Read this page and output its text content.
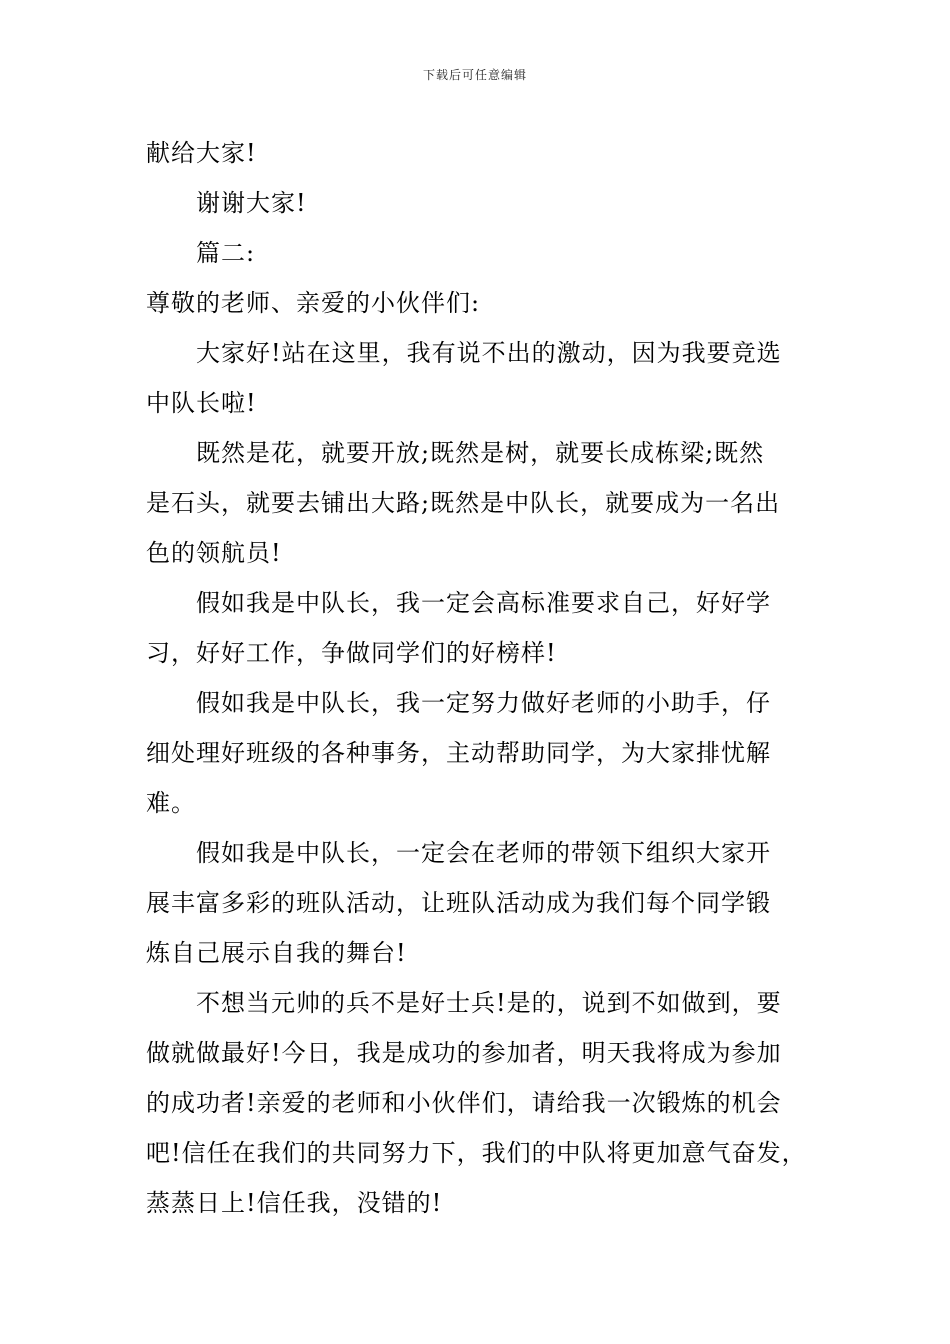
下载后可任意编辑

献给大家!

谢谢大家!

篇二:

尊敬的老师、亲爱的小伙伴们:

大家好!站在这里，我有说不出的激动，因为我要竞选

中队长啦!

既然是花，就要开放;既然是树，就要长成栋梁;既然

是石头，就要去铺出大路;既然是中队长，就要成为一名出

色的领航员!

假如我是中队长，我一定会高标准要求自己，好好学

习，好好工作，争做同学们的好榜样!

假如我是中队长，我一定努力做好老师的小助手，仔

细处理好班级的各种事务，主动帮助同学，为大家排忧解

难。

假如我是中队长，一定会在老师的带领下组织大家开

展丰富多彩的班队活动，让班队活动成为我们每个同学锻

炼自己展示自我的舞台!

不想当元帅的兵不是好士兵!是的，说到不如做到，要

做就做最好!今日，我是成功的参加者，明天我将成为参加

的成功者!亲爱的老师和小伙伴们，请给我一次锻炼的机会

吧!信任在我们的共同努力下，我们的中队将更加意气奋发，

蒸蒸日上!信任我，没错的!
